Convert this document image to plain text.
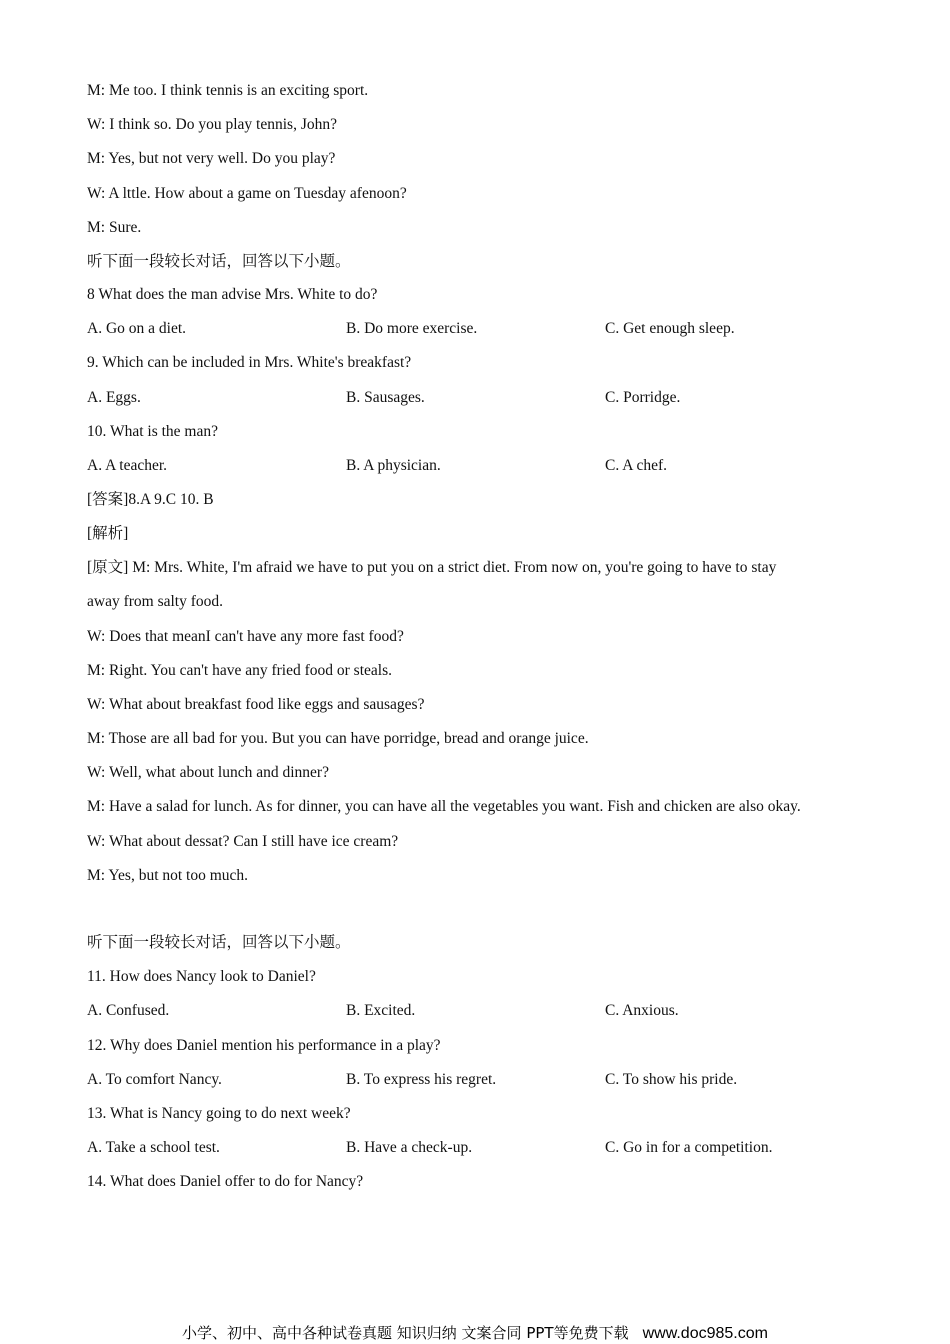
M: Me too. I think tennis is an exciting sport.
W: I think so. Do you play tennis, John?
M: Yes, but not very well. Do you play?
W: A lttle. How about a game on Tuesday afenoon?
M: Sure.
听下面一段较长对话，回答以下小题。
8 What does the man advise Mrs. White to do?
A. Go on a diet.	B. Do more exercise.	C. Get enough sleep.
9. Which can be included in Mrs. White's breakfast?
A. Eggs.	B. Sausages.	C. Porridge.
10. What is the man?
A. A teacher.	B. A physician.	C. A chef.
[答案]8.A 9.C 10. B
[解析]
[原文] M: Mrs. White, I'm afraid we have to put you on a strict diet. From now on, you're going to have to stay
away from salty food.
W: Does that meanI can't have any more fast food?
M: Right. You can't have any fried food or steals.
W: What about breakfast food like eggs and sausages?
M: Those are all bad for you. But you can have porridge, bread and orange juice.
W: Well, what about lunch and dinner?
M: Have a salad for lunch. As for dinner, you can have all the vegetables you want. Fish and chicken are also okay.
W: What about dessat? Can I still have ice cream?
M: Yes, but not too much.
听下面一段较长对话，回答以下小题。
11. How does Nancy look to Daniel?
A. Confused.	B. Excited.	C. Anxious.
12. Why does Daniel mention his performance in a play?
A. To comfort Nancy.	B. To express his regret.	C. To show his pride.
13. What is Nancy going to do next week?
A. Take a school test.	B. Have a check-up.	C. Go in for a competition.
14. What does Daniel offer to do for Nancy?
小学、初中、高中各种试卷真题 知识归纳 文案合同 PPT等免费下载 www.doc985.com
